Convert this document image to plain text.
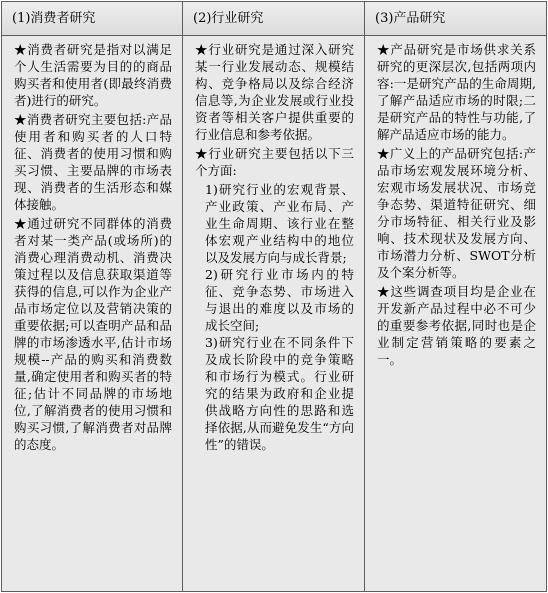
(1)消费者研究

★消费者研究是指对以满足个人生活需要为目的的商品购买者和使用者(即最终消费者)进行的研究。

★消费者研究主要包括:产品使用者和购买者的人口特征、消费者的使用习惯和购买习惯、主要品牌的市场表现、消费者的生活形态和媒体接触。

★通过研究不同群体的消费者对某一类产品(或场所)的消费心理消费动机、消费决策过程以及信息获取渠道等获得的信息,可以作为企业产品市场定位以及营销决策的重要依据;可以查明产品和品牌的市场渗透水平,估计市场规模--产品的购买和消费数量,确定使用者和购买者的特征;估计不同品牌的市场地位,了解消费者的使用习惯和购买习惯,了解消费者对品牌的态度。

(2)行业研究

★行业研究是通过深入研究某一行业发展动态、规模结构、竞争格局以及综合经济信息等,为企业发展或行业投资者等相关客户提供重要的行业信息和参考依据。

★行业研究主要包括以下三个方面:

1)研究行业的宏观背景、产业政策、产业布局、产业生命周期、该行业在整体宏观产业结构中的地位以及发展方向与成长背景;

2)研究行业市场内的特征、竞争态势、市场进入与退出的难度以及市场的成长空间;

3)研究行业在不同条件下及成长阶段中的竞争策略和市场行为模式。行业研究的结果为政府和企业提供战略方向性的思路和选择依据,从而避免发生“方向性”的错误。

(3)产品研究

★产品研究是市场供求关系研究的更深层次,包括两项内容:一是研究产品的生命周期,了解产品适应市场的时限;二是研究产品的特性与功能,了解产品适应市场的能力。

★广义上的产品研究包括:产品市场宏观发展环境分析、宏观市场发展状况、市场竞争态势、渠道特征研究、细分市场特征、相关行业及影响、技术现状及发展方向、市场潜力分析、SWOT分析及个案分析等。

★这些调查项目均是企业在开发新产品过程中必不可少的重要参考依据,同时也是企业制定营销策略的要素之一。
